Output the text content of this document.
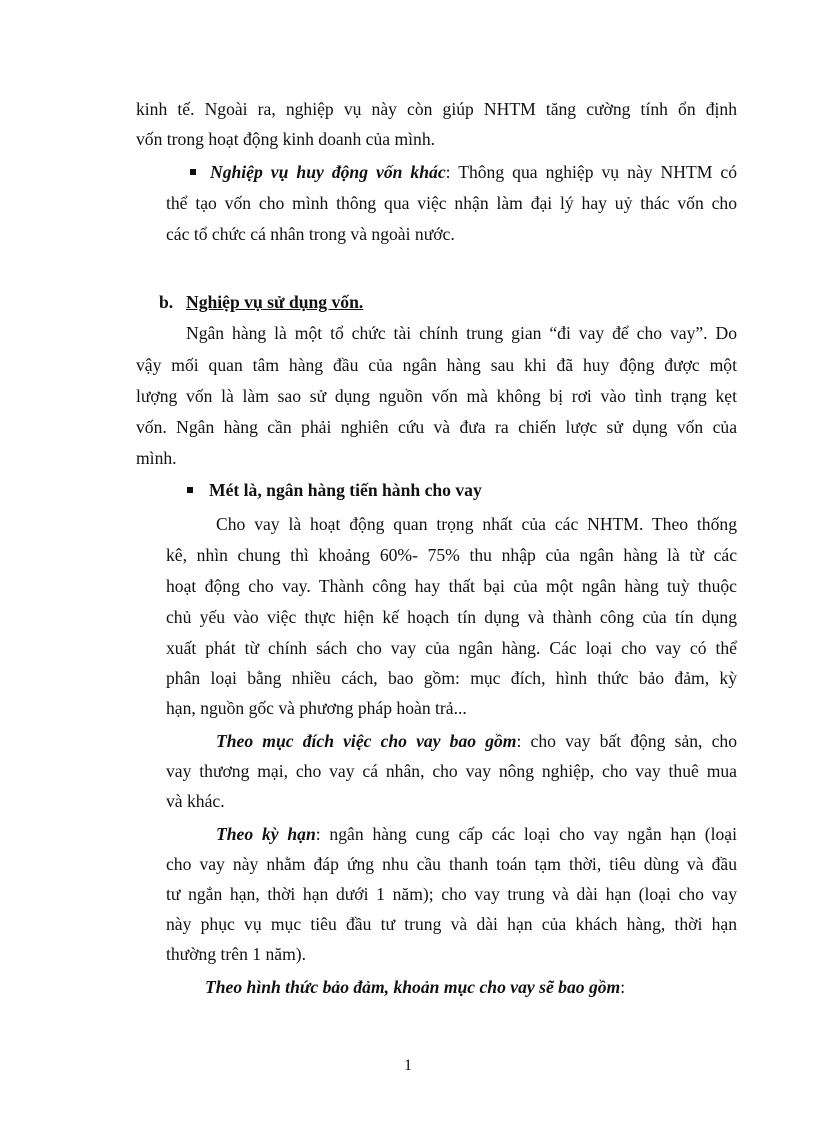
kinh tế. Ngoài ra, nghiệp vụ này còn giúp NHTM tăng cường tính ổn định
vốn trong hoạt động kinh doanh của mình.
Nghiệp vụ huy động vốn khác: Thông qua nghiệp vụ này NHTM có
thể tạo vốn cho mình thông qua việc nhận làm đại lý hay uỷ thác vốn cho
các tổ chức cá nhân trong và ngoài nước.
b. Nghiệp vụ sử dụng vốn.
Ngân hàng là một tổ chức tài chính trung gian “đi vay để cho vay”. Do
vậy mối quan tâm hàng đầu của ngân hàng sau khi đã huy động được một
lượng vốn là làm sao sử dụng nguồn vốn mà không bị rơi vào tình trạng kẹt
vốn. Ngân hàng cần phải nghiên cứu và đưa ra chiến lược sử dụng vốn của
mình.
Mét là, ngân hàng tiến hành cho vay
Cho vay là hoạt động quan trọng nhất của các NHTM. Theo thống
kê, nhìn chung thì khoảng 60%- 75% thu nhập của ngân hàng là từ các
hoạt động cho vay. Thành công hay thất bại của một ngân hàng tuỳ thuộc
chủ yếu vào việc thực hiện kế hoạch tín dụng và thành công của tín dụng
xuất phát từ chính sách cho vay của ngân hàng. Các loại cho vay có thể
phân loại bằng nhiều cách, bao gồm: mục đích, hình thức bảo đảm, kỳ
hạn, nguồn gốc và phương pháp hoàn trả...
Theo mục đích việc cho vay bao gồm: cho vay bất động sản, cho
vay thương mại, cho vay cá nhân, cho vay nông nghiệp, cho vay thuê mua
và khác.
Theo kỳ hạn: ngân hàng cung cấp các loại cho vay ngắn hạn (loại
cho vay này nhằm đáp ứng nhu cầu thanh toán tạm thời, tiêu dùng và đầu
tư ngắn hạn, thời hạn dưới 1 năm); cho vay trung và dài hạn (loại cho vay
này phục vụ mục tiêu đầu tư trung và dài hạn của khách hàng, thời hạn
thường trên 1 năm).
Theo hình thức bảo đảm, khoản mục cho vay sẽ bao gồm:
1
